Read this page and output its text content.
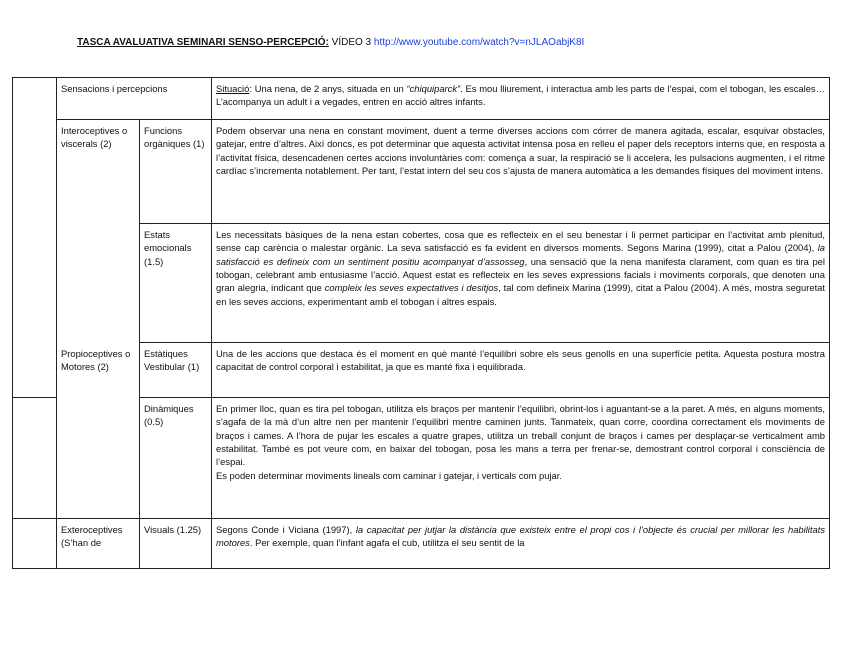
TASCA AVALUATIVA SEMINARI SENSO-PERCEPCIÓ: VÍDEO 3 http://www.youtube.com/watch?v=nJLAOabjK8I
	Sensacions i percepcions		Situació: Una nena, de 2 anys, situada en un “chiquiparck”. Es mou lliurement, i interactua amb les parts de l’espai, com el tobogan, les escales… L’acompanya un adult i a vegades, entren en acció altres infants.
	Interoceptives o viscerals (2)	Funcions orgàniques (1)	Podem observar una nena en constant moviment, duent a terme diverses accions com córrer de manera agitada, escalar, esquivar obstacles, gatejar, entre d’altres. Així doncs, es pot determinar que aquesta activitat intensa posa en relleu el paper dels receptors interns que, en resposta a l’activitat física, desencadenen certes accions involuntàries com: comença a suar, la respiració se li accelera, les pulsacions augmenten, i el ritme cardíac s’incrementa notablement. Per tant, l’estat intern del seu cos s’ajusta de manera automàtica a les demandes físiques del moviment intens.
		Estats emocionals (1.5)	Les necessitats bàsiques de la nena estan cobertes, cosa que es reflecteix en el seu benestar i li permet participar en l’activitat amb plenitud, sense cap carència o malestar orgànic. La seva satisfacció es fa evident en diversos moments. Segons Marina (1999), citat a Palou (2004), la satisfacció es defineix com un sentiment positiu acompanyat d’assosseg, una sensació que la nena manifesta clarament, com quan es tira pel tobogan, celebrant amb entusiasme l’acció. Aquest estat es reflecteix en les seves expressions facials i moviments corporals, que denoten una gran alegria, indicant que compleix les seves expectatives i desitjos, tal com defineix Marina (1999), citat a Palou (2004). A més, mostra seguretat en les seves accions, experimentant amb el tobogan i altres espais.
	Propioceptives o Motores (2)	Estàtiques Vestibular (1)	Una de les accions que destaca és el moment en què manté l’equilibri sobre els seus genolls en una superfície petita. Aquesta postura mostra capacitat de control corporal i estabilitat, ja que es manté fixa i equilibrada.
		Dinàmiques (0.5)	En primer lloc, quan es tira pel tobogan, utilitza els braços per mantenir l’equilibri, obrint-los i aguantant-se a la paret. A més, en alguns moments, s’agafa de la mà d’un altre nen per mantenir l’equilibri mentre caminen junts. Tanmateix, quan corre, coordina correctament els moviments de braços i cames. A l’hora de pujar les escales a quatre grapes, utilitza un treball conjunt de braços i cames per desplaçar-se verticalment amb estabilitat. També es pot veure com, en baixar del tobogan, posa les mans a terra per frenar-se, demostrant control corporal i consciència de l’espai.
Es poden determinar moviments lineals com caminar i gatejar, i verticals com pujar.

	Exteroceptives (S’han de	Visuals (1.25)	Segons Conde i Viciana (1997), la capacitat per jutjar la distància que existeix entre el propi cos i l’objecte és crucial per millorar les habilitats motores. Per exemple, quan l’infant agafa el cub, utilitza el seu sentit de la
